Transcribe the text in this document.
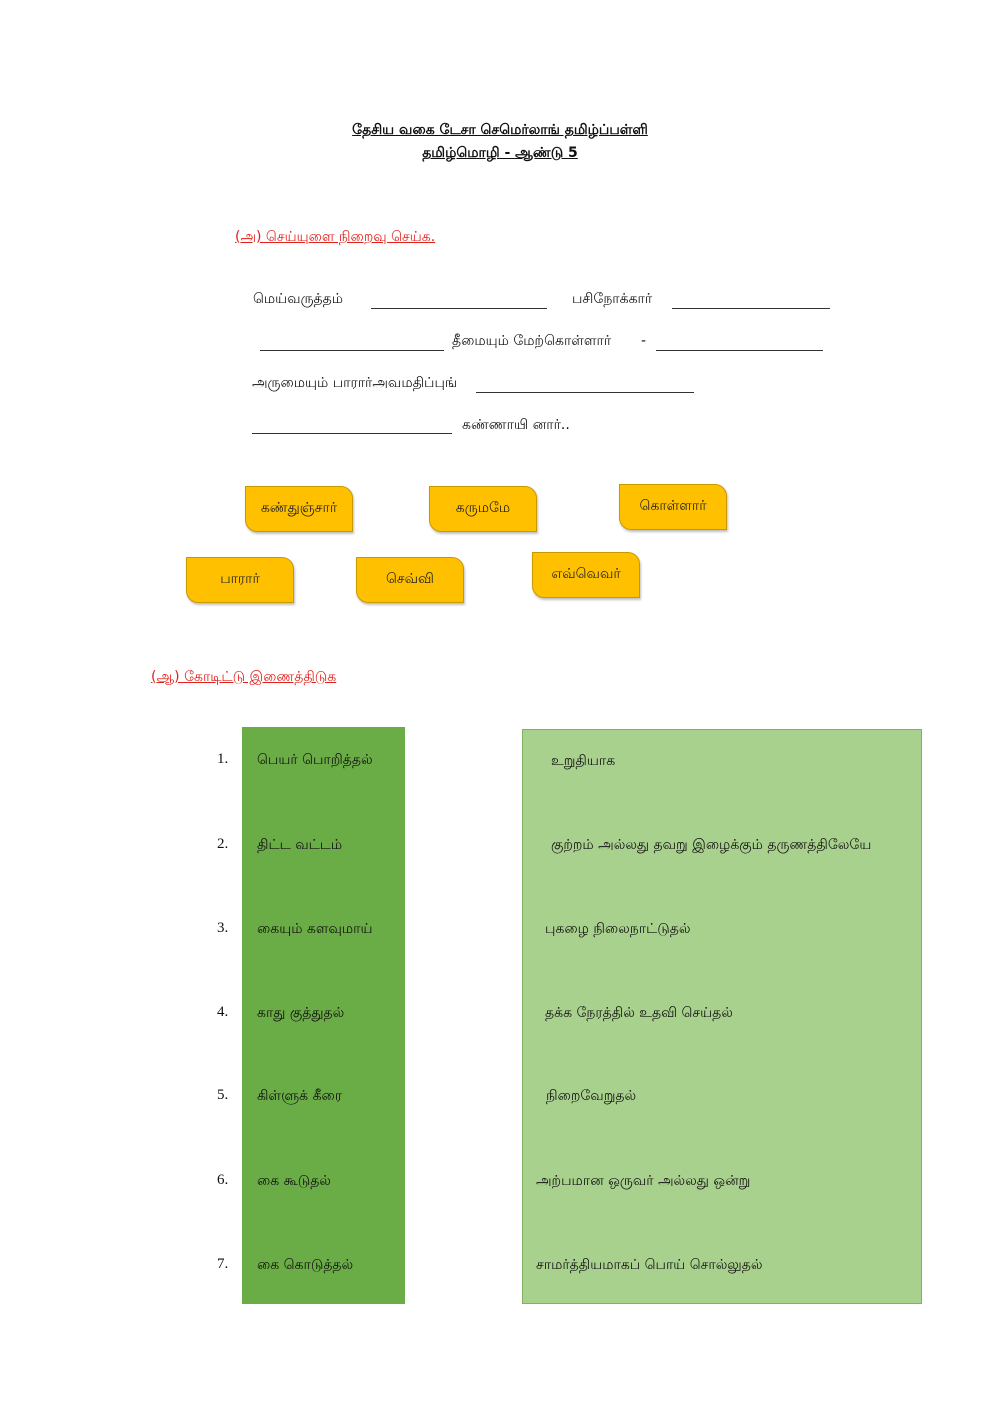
தேசிய வகை டேசா செமெர்லாங் தமிழ்ப்பள்ளி
தமிழ்மொழி - ஆண்டு 5
(அ) செய்யுளை நிறைவு செய்க.
மெய்வருத்தம்	பசிநோக்கார்
தீமையும் மேற்கொள்ளார் -
அருமையும் பாரார்அவமதிப்புங்
கண்ணாயி னார்..
கண்துஞ்சார்	கருமமே	கொள்ளார்
பாரார்	செவ்வி	எவ்வெவர்
(ஆ) கோடிட்டு இணைத்திடுக
1. பெயர் பொறித்தல்
2. திட்ட வட்டம்
3. கையும் களவுமாய்
4. காது குத்துதல்
5. கிள்ளுக் கீரை
6. கை கூடுதல்
7. கை கொடுத்தல்
உறுதியாக
குற்றம் அல்லது தவறு இழைக்கும் தருணத்திலேயே
புகழை நிலைநாட்டுதல்
தக்க நேரத்தில் உதவி செய்தல்
நிறைவேறுதல்
அற்பமான ஒருவர் அல்லது ஒன்று
சாமர்த்தியமாகப் பொய் சொல்லுதல்
